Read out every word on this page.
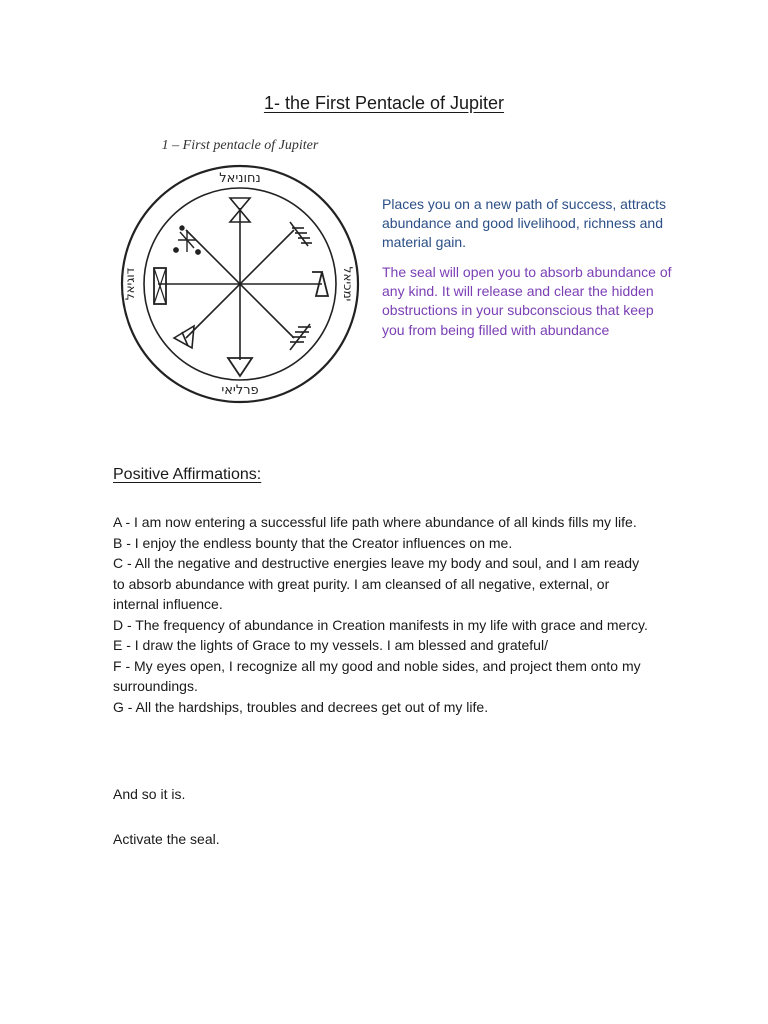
1- the First Pentacle of Jupiter
1 – First pentacle of Jupiter
נחוניאל
פרליאי
ימכיאל
דוגיאל
Places you on a new path of success, attracts abundance and good livelihood, richness and material gain.
The seal will open you to absorb abundance of any kind. It will release and clear the hidden obstructions in your subconscious that keep you from being filled with abundance
Positive Affirmations:
A - I am now entering a successful life path where abundance of all kinds fills my life.
B - I enjoy the endless bounty that the Creator influences on me.
C - All the negative and destructive energies leave my body and soul, and I am ready to absorb abundance with great purity. I am cleansed of all negative, external, or internal influence.
D - The frequency of abundance in Creation manifests in my life with grace and mercy.
E - I draw the lights of Grace to my vessels. I am blessed and grateful/
F - My eyes open, I recognize all my good and noble sides, and project them onto my surroundings.
G - All the hardships, troubles and decrees get out of my life.
And so it is.
Activate the seal.
